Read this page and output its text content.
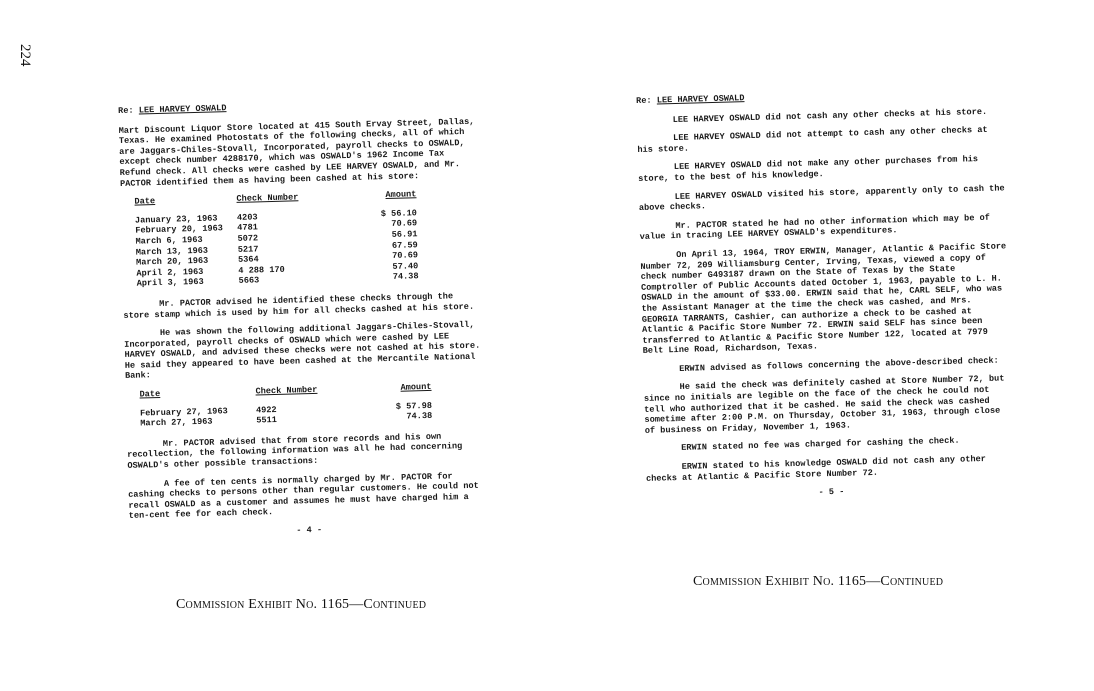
224
Re: LEE HARVEY OSWALD

Mart Discount Liquor Store located at 415 South Ervay Street, Dallas, Texas. He examined Photostats of the following checks, all of which are Jaggars-Chiles-Stovall, Incorporated, payroll checks to OSWALD, except check number 4288170, which was OSWALD's 1962 Income Tax Refund check. All checks were cashed by LEE HARVEY OSWALD, and Mr. PACTOR identified them as having been cashed at his store:

Date	Check Number	Amount
January 23, 1963	4203	$ 56.10
February 20, 1963	4781	70.69
March 6, 1963	5072	56.91
March 13, 1963	5217	67.59
March 20, 1963	5364	70.69
April 2, 1963	4 288 170	57.40
April 3, 1963	5663	74.38

Mr. PACTOR advised he identified these checks through the store stamp which is used by him for all checks cashed at his store.

He was shown the following additional Jaggars-Chiles-Stovall, Incorporated, payroll checks of OSWALD which were cashed by LEE HARVEY OSWALD, and advised these checks were not cashed at his store. He said they appeared to have been cashed at the Mercantile National Bank:

Date	Check Number	Amount
February 27, 1963	4922	$ 57.98
March 27, 1963	5511	74.38

Mr. PACTOR advised that from store records and his own recollection, the following information was all he had concerning OSWALD's other possible transactions:

A fee of ten cents is normally charged by Mr. PACTOR for cashing checks to persons other than regular customers. He could not recall OSWALD as a customer and assumes he must have charged him a ten-cent fee for each check.

- 4 -
Commission Exhibit No. 1165—Continued
Re: LEE HARVEY OSWALD

LEE HARVEY OSWALD did not cash any other checks at his store.

LEE HARVEY OSWALD did not attempt to cash any other checks at his store.

LEE HARVEY OSWALD did not make any other purchases from his store, to the best of his knowledge.

LEE HARVEY OSWALD visited his store, apparently only to cash the above checks.

Mr. PACTOR stated he had no other information which may be of value in tracing LEE HARVEY OSWALD's expenditures.

On April 13, 1964, TROY ERWIN, Manager, Atlantic & Pacific Store Number 72, 209 Williamsburg Center, Irving, Texas, viewed a copy of check number G493187 drawn on the State of Texas by the State Comptroller of Public Accounts dated October 1, 1963, payable to L. H. OSWALD in the amount of $33.00. ERWIN said that he, CARL SELF, who was the Assistant Manager at the time the check was cashed, and Mrs. GEORGIA TARRANTS, Cashier, can authorize a check to be cashed at Atlantic & Pacific Store Number 72. ERWIN said SELF has since been transferred to Atlantic & Pacific Store Number 122, located at 7979 Belt Line Road, Richardson, Texas.

ERWIN advised as follows concerning the above-described check:

He said the check was definitely cashed at Store Number 72, but since no initials are legible on the face of the check he could not tell who authorized that it be cashed. He said the check was cashed sometime after 2:00 P.M. on Thursday, October 31, 1963, through close of business on Friday, November 1, 1963.

ERWIN stated no fee was charged for cashing the check.

ERWIN stated to his knowledge OSWALD did not cash any other checks at Atlantic & Pacific Store Number 72.

- 5 -
Commission Exhibit No. 1165—Continued
